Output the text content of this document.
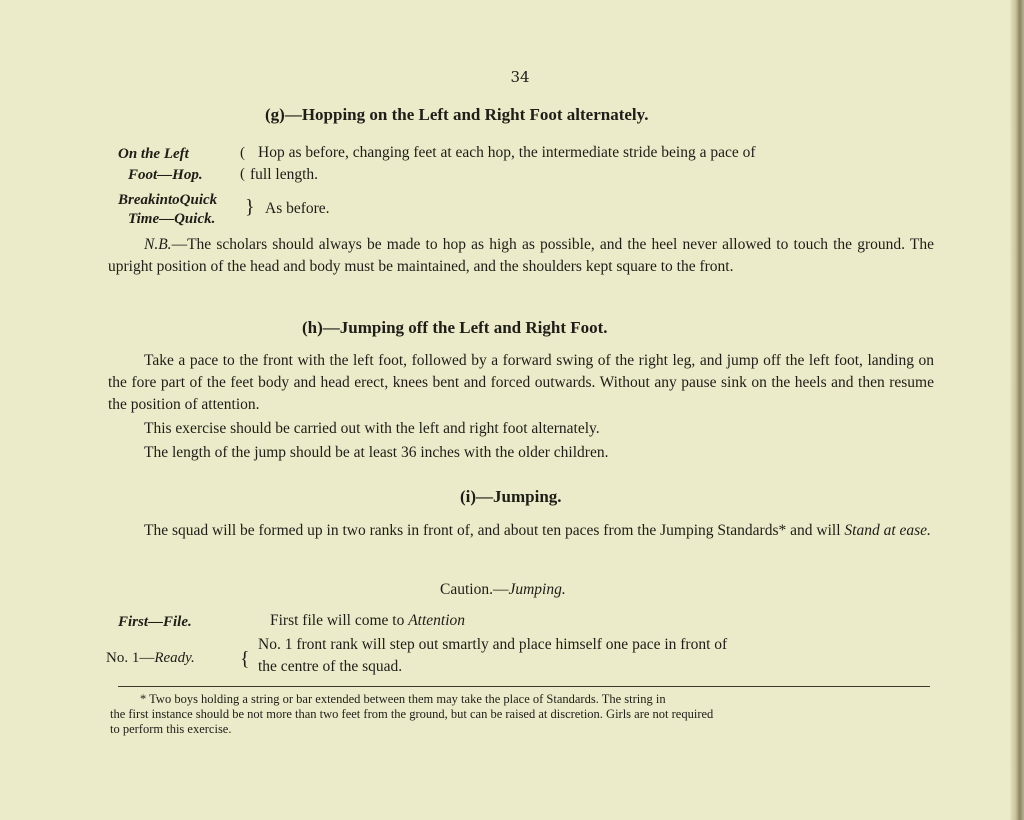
34
(g)—Hopping on the Left and Right Foot alternately.
On the Left
Foot—Hop.
(
(
Hop as before, changing feet at each hop, the intermediate stride being a pace of
full length.
BreakintoQuick
Time—Quick.
} As before.
N.B.—The scholars should always be made to hop as high as possible, and the heel never allowed to touch the ground. The upright position of the head and body must be maintained, and the shoulders kept square to the front.
(h)—Jumping off the Left and Right Foot.
Take a pace to the front with the left foot, followed by a forward swing of the right leg, and jump off the left foot, landing on the fore part of the feet body and head erect, knees bent and forced outwards. Without any pause sink on the heels and then resume the position of attention.
This exercise should be carried out with the left and right foot alternately.
The length of the jump should be at least 36 inches with the older children.
(i)—Jumping.
The squad will be formed up in two ranks in front of, and about ten paces from the Jumping Standards* and will Stand at ease.
Caution.—Jumping.
First—File.	First file will come to Attention
No. 1—Ready. {
No. 1 front rank will step out smartly and place himself one pace in front of
the centre of the squad.
* Two boys holding a string or bar extended between them may take the place of Standards. The string in
the first instance should be not more than two feet from the ground, but can be raised at discretion. Girls are not required
to perform this exercise.
